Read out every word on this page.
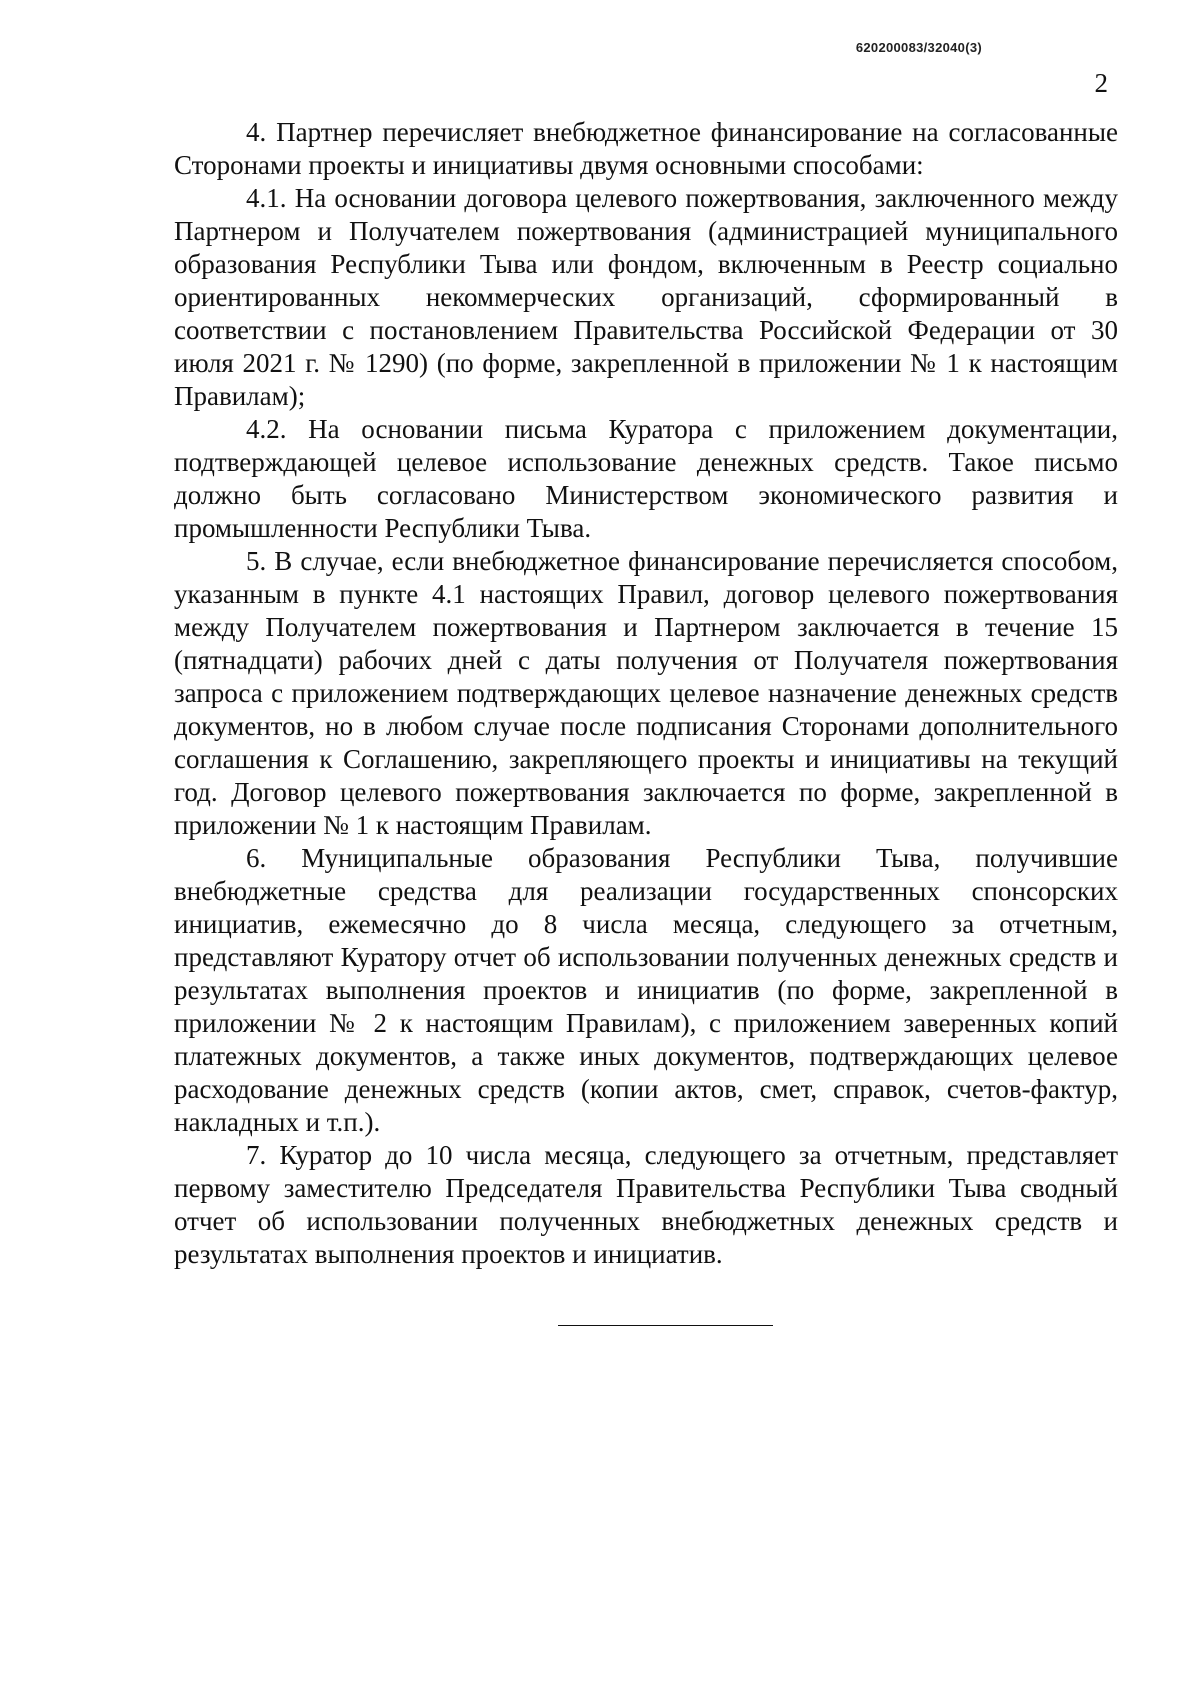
620200083/32040(3)
2

4. Партнер перечисляет внебюджетное финансирование на согласованные Сторонами проекты и инициативы двумя основными способами:

4.1. На основании договора целевого пожертвования, заключенного между Партнером и Получателем пожертвования (администрацией муниципального образования Республики Тыва или фондом, включенным в Реестр социально ориентированных некоммерческих организаций, сформированный в соответствии с постановлением Правительства Российской Федерации от 30 июля 2021 г. № 1290) (по форме, закрепленной в приложении № 1 к настоящим Правилам);

4.2. На основании письма Куратора с приложением документации, подтверждающей целевое использование денежных средств. Такое письмо должно быть согласовано Министерством экономического развития и промышленности Республики Тыва.

5. В случае, если внебюджетное финансирование перечисляется способом, указанным в пункте 4.1 настоящих Правил, договор целевого пожертвования между Получателем пожертвования и Партнером заключается в течение 15 (пятнадцати) рабочих дней с даты получения от Получателя пожертвования запроса с приложением подтверждающих целевое назначение денежных средств документов, но в любом случае после подписания Сторонами дополнительного соглашения к Соглашению, закрепляющего проекты и инициативы на текущий год. Договор целевого пожертвования заключается по форме, закрепленной в приложении № 1 к настоящим Правилам.

6. Муниципальные образования Республики Тыва, получившие внебюджетные средства для реализации государственных спонсорских инициатив, ежемесячно до 8 числа месяца, следующего за отчетным, представляют Куратору отчет об использовании полученных денежных средств и результатах выполнения проектов и инициатив (по форме, закрепленной в приложении № 2 к настоящим Правилам), с приложением заверенных копий платежных документов, а также иных документов, подтверждающих целевое расходование денежных средств (копии актов, смет, справок, счетов-фактур, накладных и т.п.).

7. Куратор до 10 числа месяца, следующего за отчетным, представляет первому заместителю Председателя Правительства Республики Тыва сводный отчет об использовании полученных внебюджетных денежных средств и результатах выполнения проектов и инициатив.
